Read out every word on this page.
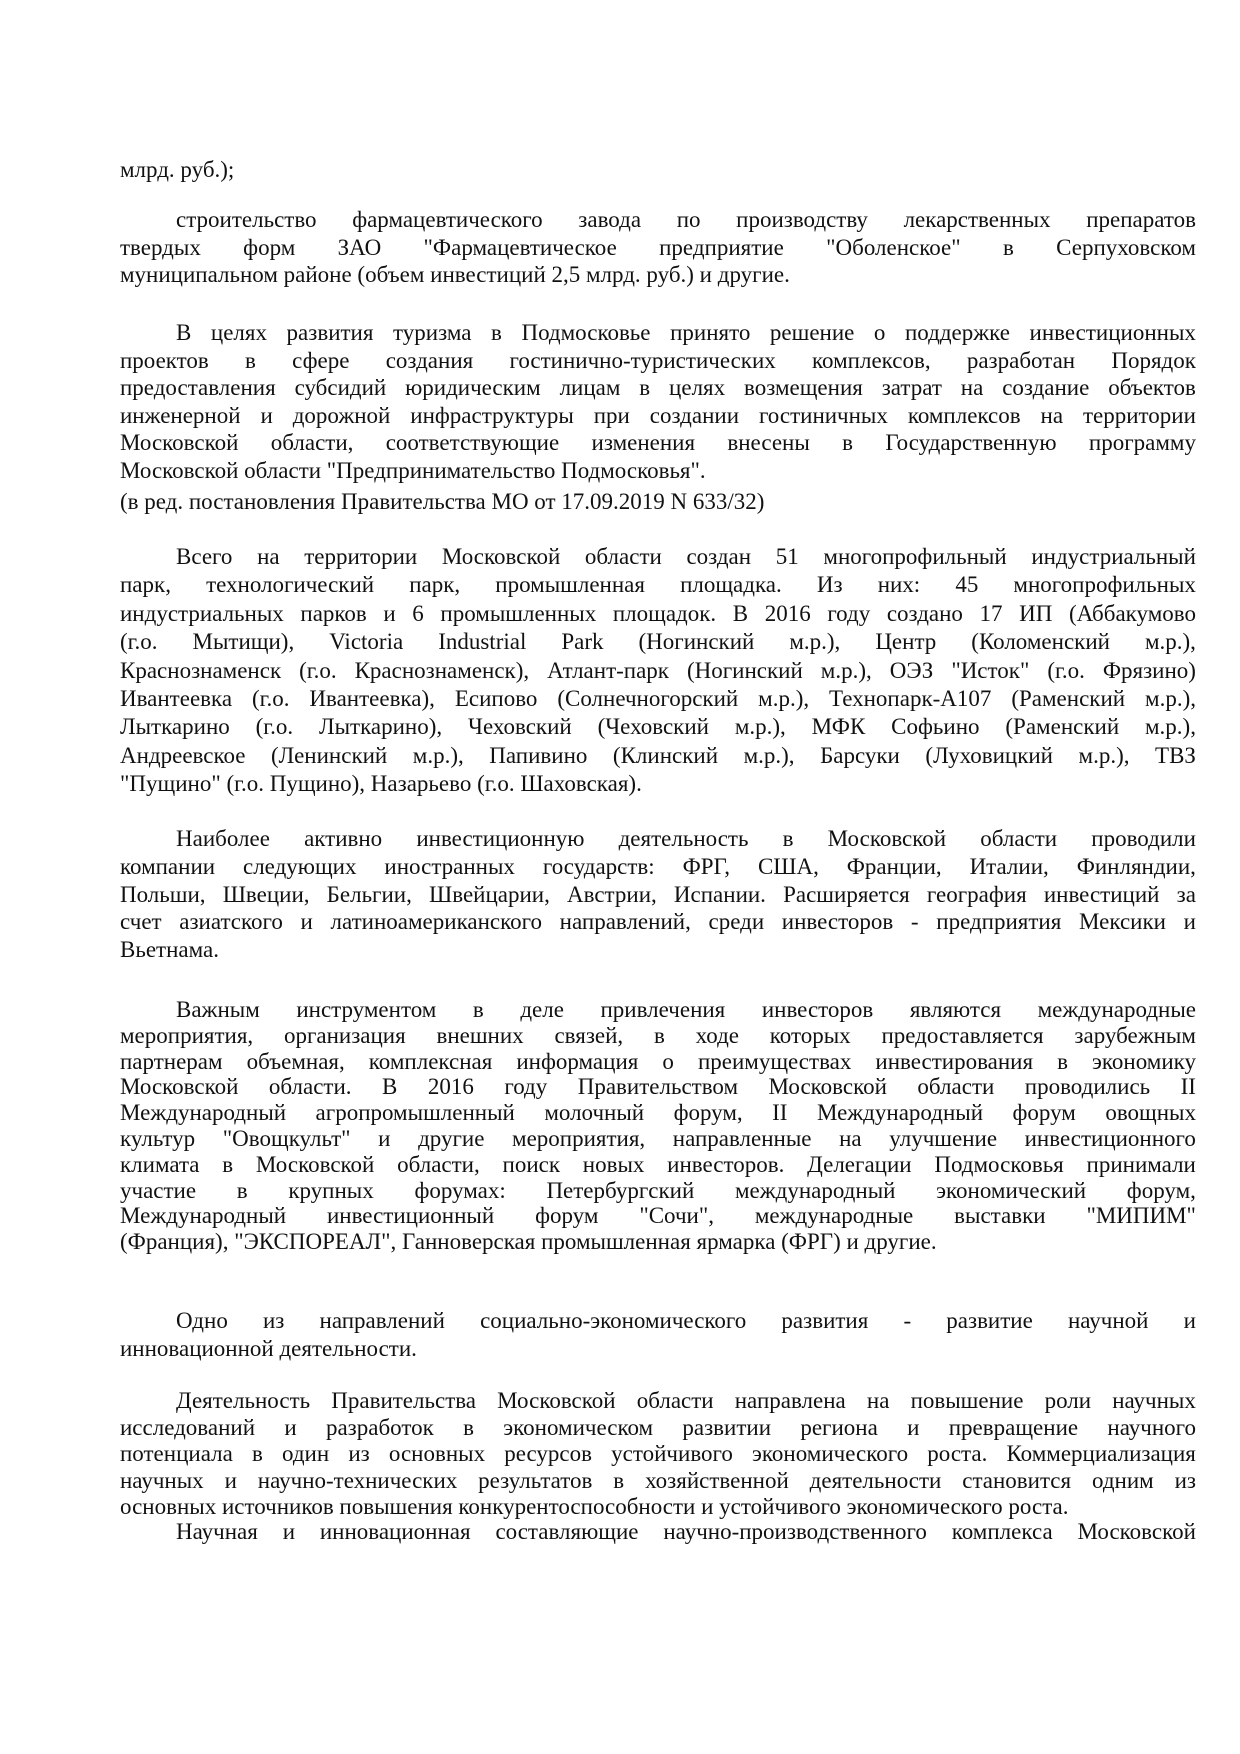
млрд. руб.);
строительство фармацевтического завода по производству лекарственных препаратов
твердых форм ЗАО "Фармацевтическое предприятие "Оболенское" в Серпуховском
муниципальном районе (объем инвестиций 2,5 млрд. руб.) и другие.
В целях развития туризма в Подмосковье принято решение о поддержке инвестиционных
проектов в сфере создания гостинично-туристических комплексов, разработан Порядок
предоставления субсидий юридическим лицам в целях возмещения затрат на создание объектов
инженерной и дорожной инфраструктуры при создании гостиничных комплексов на территории
Московской области, соответствующие изменения внесены в Государственную программу
Московской области "Предпринимательство Подмосковья".
(в ред. постановления Правительства МО от 17.09.2019 N 633/32)
Всего на территории Московской области создан 51 многопрофильный индустриальный
парк, технологический парк, промышленная площадка. Из них: 45 многопрофильных
индустриальных парков и 6 промышленных площадок. В 2016 году создано 17 ИП (Аббакумово
(г.о. Мытищи), Victoria Industrial Park (Ногинский м.р.), Центр (Коломенский м.р.),
Краснознаменск (г.о. Краснознаменск), Атлант-парк (Ногинский м.р.), ОЭЗ "Исток" (г.о. Фрязино)
Ивантеевка (г.о. Ивантеевка), Есипово (Солнечногорский м.р.), Технопарк-А107 (Раменский м.р.),
Лыткарино (г.о. Лыткарино), Чеховский (Чеховский м.р.), МФК Софьино (Раменский м.р.),
Андреевское (Ленинский м.р.), Папивино (Клинский м.р.), Барсуки (Луховицкий м.р.), ТВЗ
"Пущино" (г.о. Пущино), Назарьево (г.о. Шаховская).
Наиболее активно инвестиционную деятельность в Московской области проводили
компании следующих иностранных государств: ФРГ, США, Франции, Италии, Финляндии,
Польши, Швеции, Бельгии, Швейцарии, Австрии, Испании. Расширяется география инвестиций за
счет азиатского и латиноамериканского направлений, среди инвесторов - предприятия Мексики и
Вьетнама.
Важным инструментом в деле привлечения инвесторов являются международные
мероприятия, организация внешних связей, в ходе которых предоставляется зарубежным
партнерам объемная, комплексная информация о преимуществах инвестирования в экономику
Московской области. В 2016 году Правительством Московской области проводились II
Международный агропромышленный молочный форум, II Международный форум овощных
культур "Овощкульт" и другие мероприятия, направленные на улучшение инвестиционного
климата в Московской области, поиск новых инвесторов. Делегации Подмосковья принимали
участие в крупных форумах: Петербургский международный экономический форум,
Международный инвестиционный форум "Сочи", международные выставки "МИПИМ"
(Франция), "ЭКСПОРЕАЛ", Ганноверская промышленная ярмарка (ФРГ) и другие.
Одно из направлений социально-экономического развития - развитие научной и
инновационной деятельности.
Деятельность Правительства Московской области направлена на повышение роли научных
исследований и разработок в экономическом развитии региона и превращение научного
потенциала в один из основных ресурсов устойчивого экономического роста. Коммерциализация
научных и научно-технических результатов в хозяйственной деятельности становится одним из
основных источников повышения конкурентоспособности и устойчивого экономического роста.
Научная и инновационная составляющие научно-производственного комплекса Московской
